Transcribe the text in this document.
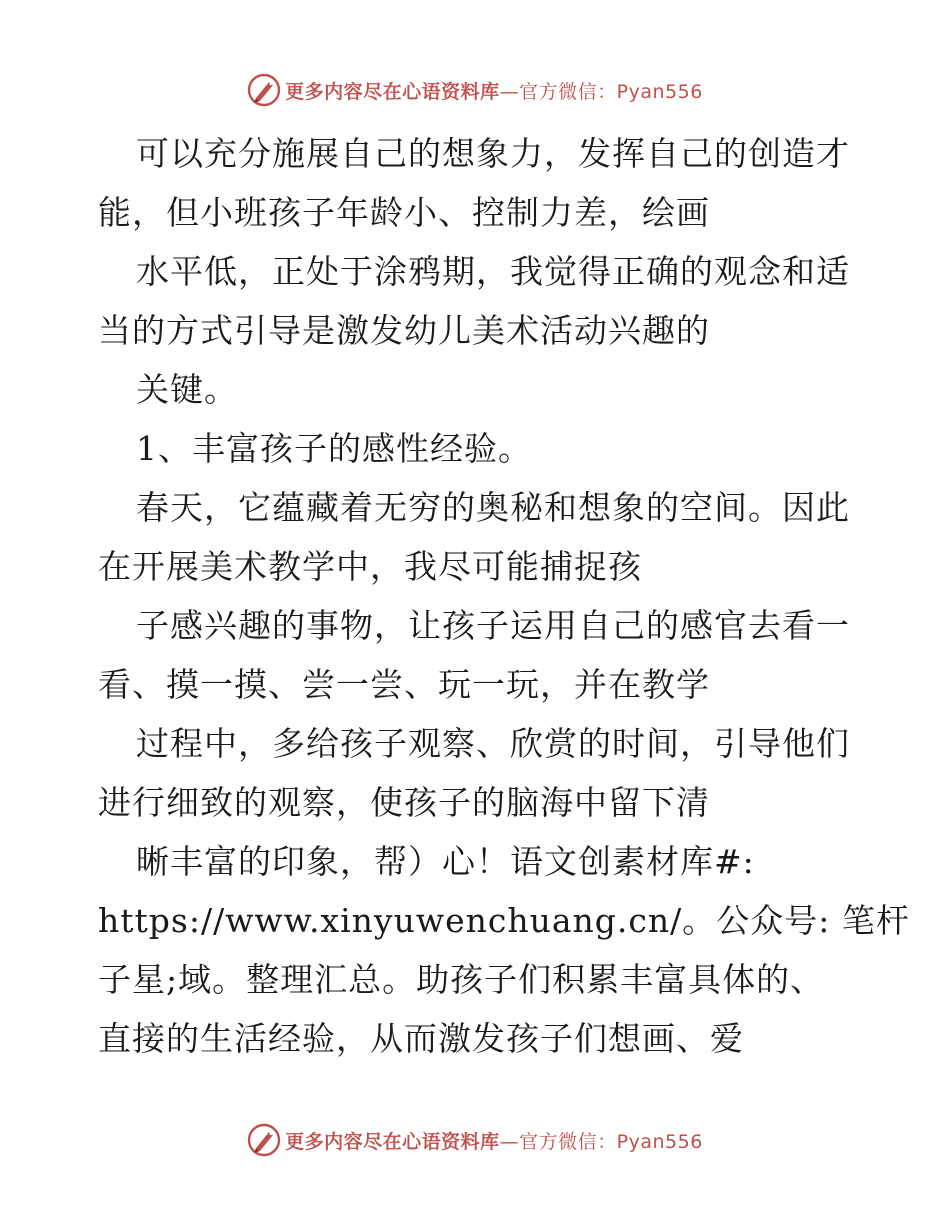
更多内容尽在心语资料库—官方微信：Pyan556
可以充分施展自己的想象力，发挥自己的创造才
能，但小班孩子年龄小、控制力差，绘画
水平低，正处于涂鸦期，我觉得正确的观念和适
当的方式引导是激发幼儿美术活动兴趣的
关键。
1、丰富孩子的感性经验。
春天，它蕴藏着无穷的奥秘和想象的空间。因此
在开展美术教学中，我尽可能捕捉孩
子感兴趣的事物，让孩子运用自己的感官去看一
看、摸一摸、尝一尝、玩一玩，并在教学
过程中，多给孩子观察、欣赏的时间，引导他们
进行细致的观察，使孩子的脑海中留下清
晰丰富的印象，帮）心！语文创素材库#:
https://www.xinyuwenchuang.cn/。公众号: 笔杆
子星;域。整理汇总。助孩子们积累丰富具体的、
直接的生活经验，从而激发孩子们想画、爱
更多内容尽在心语资料库—官方微信：Pyan556
